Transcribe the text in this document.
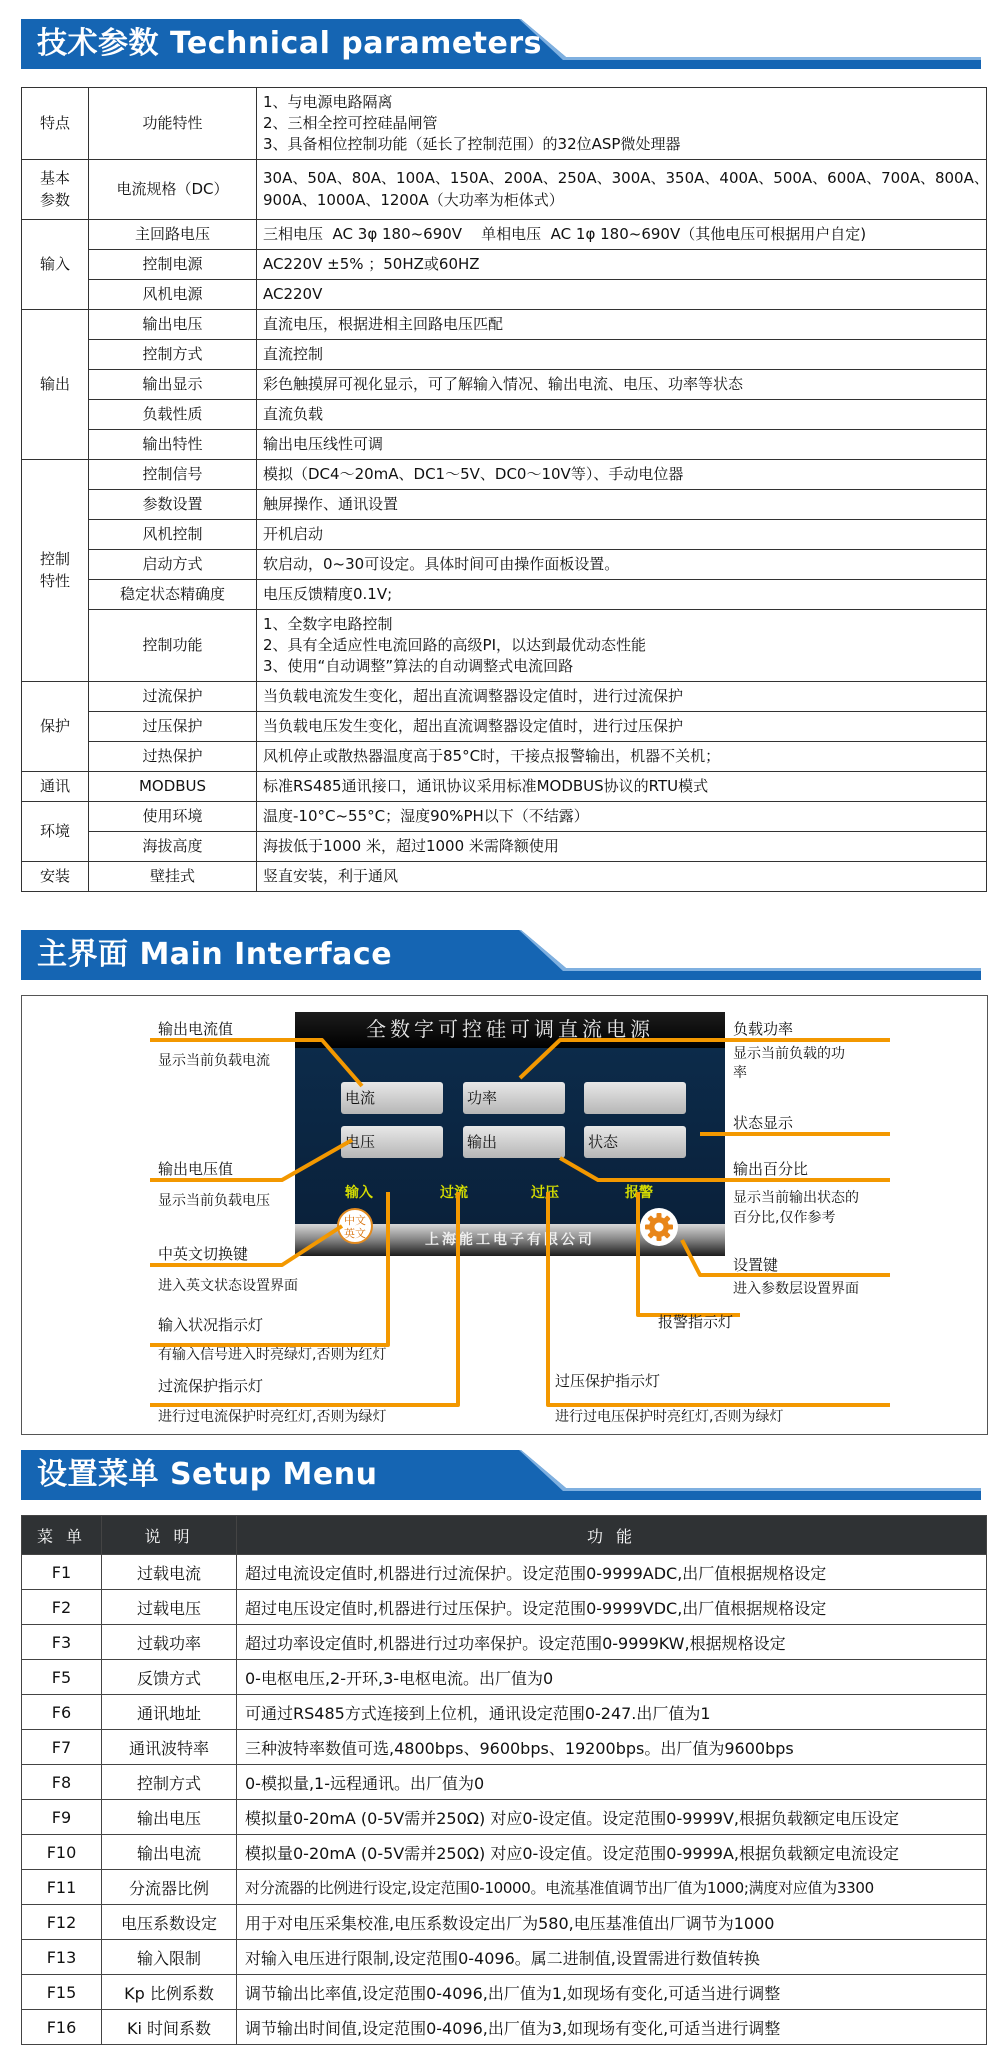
技术参数 Technical parameters
主界面 Main Interface
设置菜单 Setup Menu
特点	功能特性	1、与电源电路隔离
2、三相全控可控硅晶闸管
3、具备相位控制功能（延长了控制范围）的32位ASP微处理器

基本参数	电流规格（DC）	30A、50A、80A、100A、150A、200A、250A、300A、350A、400A、500A、600A、700A、800A、
900A、1000A、1200A（大功率为柜体式）

输入	主回路电压	三相电压  AC 3φ 180~690V    单相电压  AC 1φ 180~690V（其他电压可根据用户自定)
	控制电源	AC220V ±5% ；50HZ或60HZ
	风机电源	AC220V
输出	输出电压	直流电压，根据进相主回路电压匹配
	控制方式	直流控制
	输出显示	彩色触摸屏可视化显示，可了解输入情况、输出电流、电压、功率等状态
	负载性质	直流负载
	输出特性	输出电压线性可调

控制特性	控制信号	模拟（DC4～20mA、DC1～5V、DC0～10V等）、手动电位器
	参数设置	触屏操作、通讯设置
	风机控制	开机启动
	启动方式	软启动，0~30可设定。具体时间可由操作面板设置。
	稳定状态精确度	电压反馈精度0.1V;
	控制功能	1、全数字电路控制
2、具有全适应性电流回路的高级PI，以达到最优动态性能
3、使用“自动调整”算法的自动调整式电流回路

保护	过流保护	当负载电流发生变化，超出直流调整器设定值时，进行过流保护
	过压保护	当负载电压发生变化，超出直流调整器设定值时，进行过压保护
	过热保护	风机停止或散热器温度高于85°C时，干接点报警输出，机器不关机；
通讯	MODBUS	标准RS485通讯接口，通讯协议采用标准MODBUS协议的RTU模式
环境	使用环境	温度-10°C~55°C；湿度90%PH以下（不结露）
	海拔高度	海拔低于1000 米，超过1000 米需降额使用
安装	壁挂式	竖直安装，利于通风
全数字可控硅可调直流电源
电流	功率
电压	输出	状态
输入	过流	过压	报警
上海能工电子有限公司
中文
英文
输出电流值
显示当前负载电流
输出电压值
显示当前负载电压
中英文切换键
进入英文状态设置界面
输入状况指示灯
有输入信号进入时亮绿灯,否则为红灯
过流保护指示灯
进行过电流保护时亮红灯,否则为绿灯
负载功率
显示当前负载的功
率
状态显示
输出百分比
显示当前输出状态的
百分比,仅作参考
设置键
进入参数层设置界面
报警指示灯
过压保护指示灯
进行过电压保护时亮红灯,否则为绿灯
菜 单	说 明	功 能
F1	过载电流	超过电流设定值时,机器进行过流保护。设定范围0-9999ADC,出厂值根据规格设定
F2	过载电压	超过电压设定值时,机器进行过压保护。设定范围0-9999VDC,出厂值根据规格设定
F3	过载功率	超过功率设定值时,机器进行过功率保护。设定范围0-9999KW,根据规格设定
F5	反馈方式	0-电枢电压,2-开环,3-电枢电流。出厂值为0
F6	通讯地址	可通过RS485方式连接到上位机，通讯设定范围0-247.出厂值为1
F7	通讯波特率	三种波特率数值可选,4800bps、9600bps、19200bps。出厂值为9600bps
F8	控制方式	0-模拟量,1-远程通讯。出厂值为0
F9	输出电压	模拟量0-20mA (0-5V需并250Ω) 对应0-设定值。设定范围0-9999V,根据负载额定电压设定
F10	输出电流	模拟量0-20mA (0-5V需并250Ω) 对应0-设定值。设定范围0-9999A,根据负载额定电流设定
F11	分流器比例	对分流器的比例进行设定,设定范围0-10000。电流基准值调节出厂值为1000;满度对应值为3300
F12	电压系数设定	用于对电压采集校准,电压系数设定出厂为580,电压基准值出厂调节为1000
F13	输入限制	对输入电压进行限制,设定范围0-4096。属二进制值,设置需进行数值转换
F15	Kp 比例系数	调节输出比率值,设定范围0-4096,出厂值为1,如现场有变化,可适当进行调整
F16	Ki 时间系数	调节输出时间值,设定范围0-4096,出厂值为3,如现场有变化,可适当进行调整
